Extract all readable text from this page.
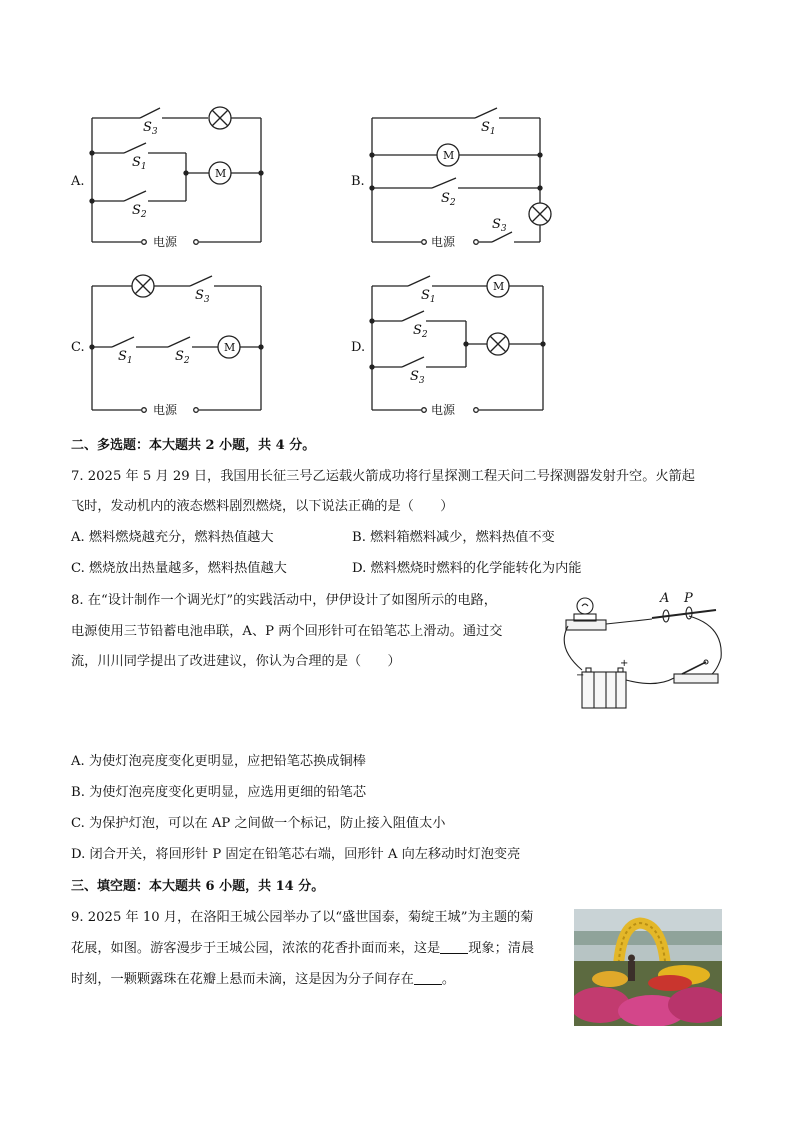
A.
$S_3$
$S_1$
$S_2$
M
电源
B.
$S_1$
$S_2$
$S_3$
M
电源
C.
$S_3$
$S_1$	$S_2$
M
电源
D.
$S_1$
$S_2$
$S_3$
M
电源
二、多选题：本大题共 2 小题，共 4 分。
7. 2025 年 5 月 29 日，我国用长征三号乙运载火箭成功将行星探测工程天问二号探测器发射升空。火箭起
飞时，发动机内的液态燃料剧烈燃烧，以下说法正确的是（　　）
A. 燃料燃烧越充分，燃料热值越大	B. 燃料箱燃料减少，燃料热值不变
C. 燃烧放出热量越多，燃料热值越大	D. 燃料燃烧时燃料的化学能转化为内能
8. 在“设计制作一个调光灯”的实践活动中，伊伊设计了如图所示的电路，
电源使用三节铅蓄电池串联，A、P 两个回形针可在铅笔芯上滑动。通过交
流，川川同学提出了改进建议，你认为合理的是（　　）
A P
−
+
A. 为使灯泡亮度变化更明显，应把铅笔芯换成铜棒
B. 为使灯泡亮度变化更明显，应选用更细的铅笔芯
C. 为保护灯泡，可以在 AP 之间做一个标记，防止接入阻值太小
D. 闭合开关，将回形针 P 固定在铅笔芯右端，回形针 A 向左移动时灯泡变亮
三、填空题：本大题共 6 小题，共 14 分。
9. 2025 年 10 月，在洛阳王城公园举办了以“盛世国泰，菊绽王城”为主题的菊
花展，如图。游客漫步于王城公园，浓浓的花香扑面而来，这是 现象；清晨
时刻，一颗颗露珠在花瓣上悬而未滴，这是因为分子间存在 。
